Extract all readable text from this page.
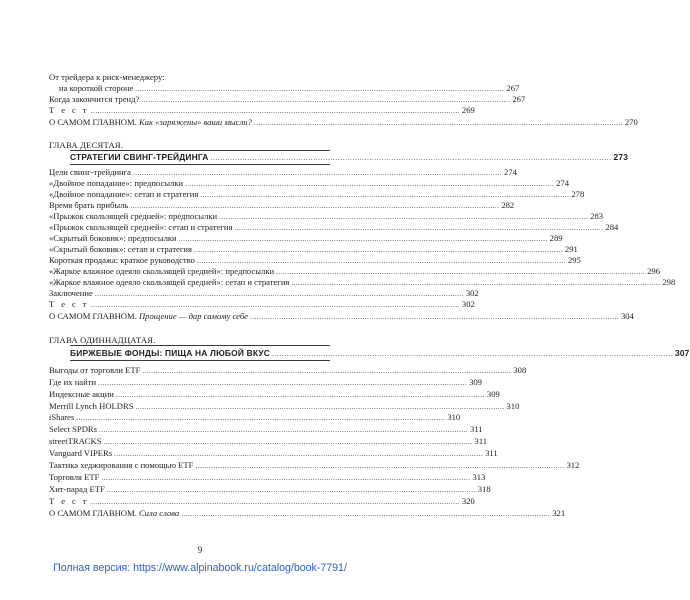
От трейдера к риск-менеджеру:
на короткой стороне .................................................................................................................................................................... 267
Когда закончится тренд? .................................................................................................................................................................... 267
Т е с т .................................................................................................................................................................... 269
О САМОМ ГЛАВНОМ. Как «заряжены» ваши мысли? .................................................................................................................................................................... 270
ГЛАВА ДЕСЯТАЯ.
СТРАТЕГИИ СВИНГ-ТРЕЙДИНГА .................................................................................................................................................................... 273
Цели свинг-трейдинга .................................................................................................................................................................... 274
«Двойное попадание»: предпосылки .................................................................................................................................................................... 274
«Двойное попадание»: сетап и стратегия .................................................................................................................................................................... 278
Время брать прибыль .................................................................................................................................................................... 282
«Прыжок скользящей средней»: предпосылки .................................................................................................................................................................... 283
«Прыжок скользящей средней»: сетап и стратегия .................................................................................................................................................................... 284
«Скрытый боковик»: предпосылки .................................................................................................................................................................... 289
«Скрытый боковик»: сетап и стратегия .................................................................................................................................................................... 291
Короткая продажа: краткое руководство .................................................................................................................................................................... 295
«Жаркое влажное одеяло скользящей средней»: предпосылки .................................................................................................................................................................... 296
«Жаркое влажное одеяло скользящей средней»: сетап и стратегия .................................................................................................................................................................... 298
Заключение .................................................................................................................................................................... 302
Т е с т .................................................................................................................................................................... 302
О САМОМ ГЛАВНОМ. Прощение — дар самому себе .................................................................................................................................................................... 304
ГЛАВА ОДИННАДЦАТАЯ.
БИРЖЕВЫЕ ФОНДЫ: ПИЩА НА ЛЮБОЙ ВКУС .................................................................................................................................................................... 307
Выгоды от торговли ETF .................................................................................................................................................................... 308
Где их найти .................................................................................................................................................................... 309
Индексные акции .................................................................................................................................................................... 309
Merrill Lynch HOLDRS .................................................................................................................................................................... 310
iShares .................................................................................................................................................................... 310
Select SPDRs .................................................................................................................................................................... 311
streetTRACKS .................................................................................................................................................................... 311
Vanguard VIPERs .................................................................................................................................................................... 311
Тактика хеджирования с помощью ETF .................................................................................................................................................................... 312
Торговля ETF .................................................................................................................................................................... 313
Хит-парад ETF .................................................................................................................................................................... 318
Т е с т .................................................................................................................................................................... 320
О САМОМ ГЛАВНОМ. Сила слова .................................................................................................................................................................... 321
9
Полная версия: https://www.alpinabook.ru/catalog/book-7791/
